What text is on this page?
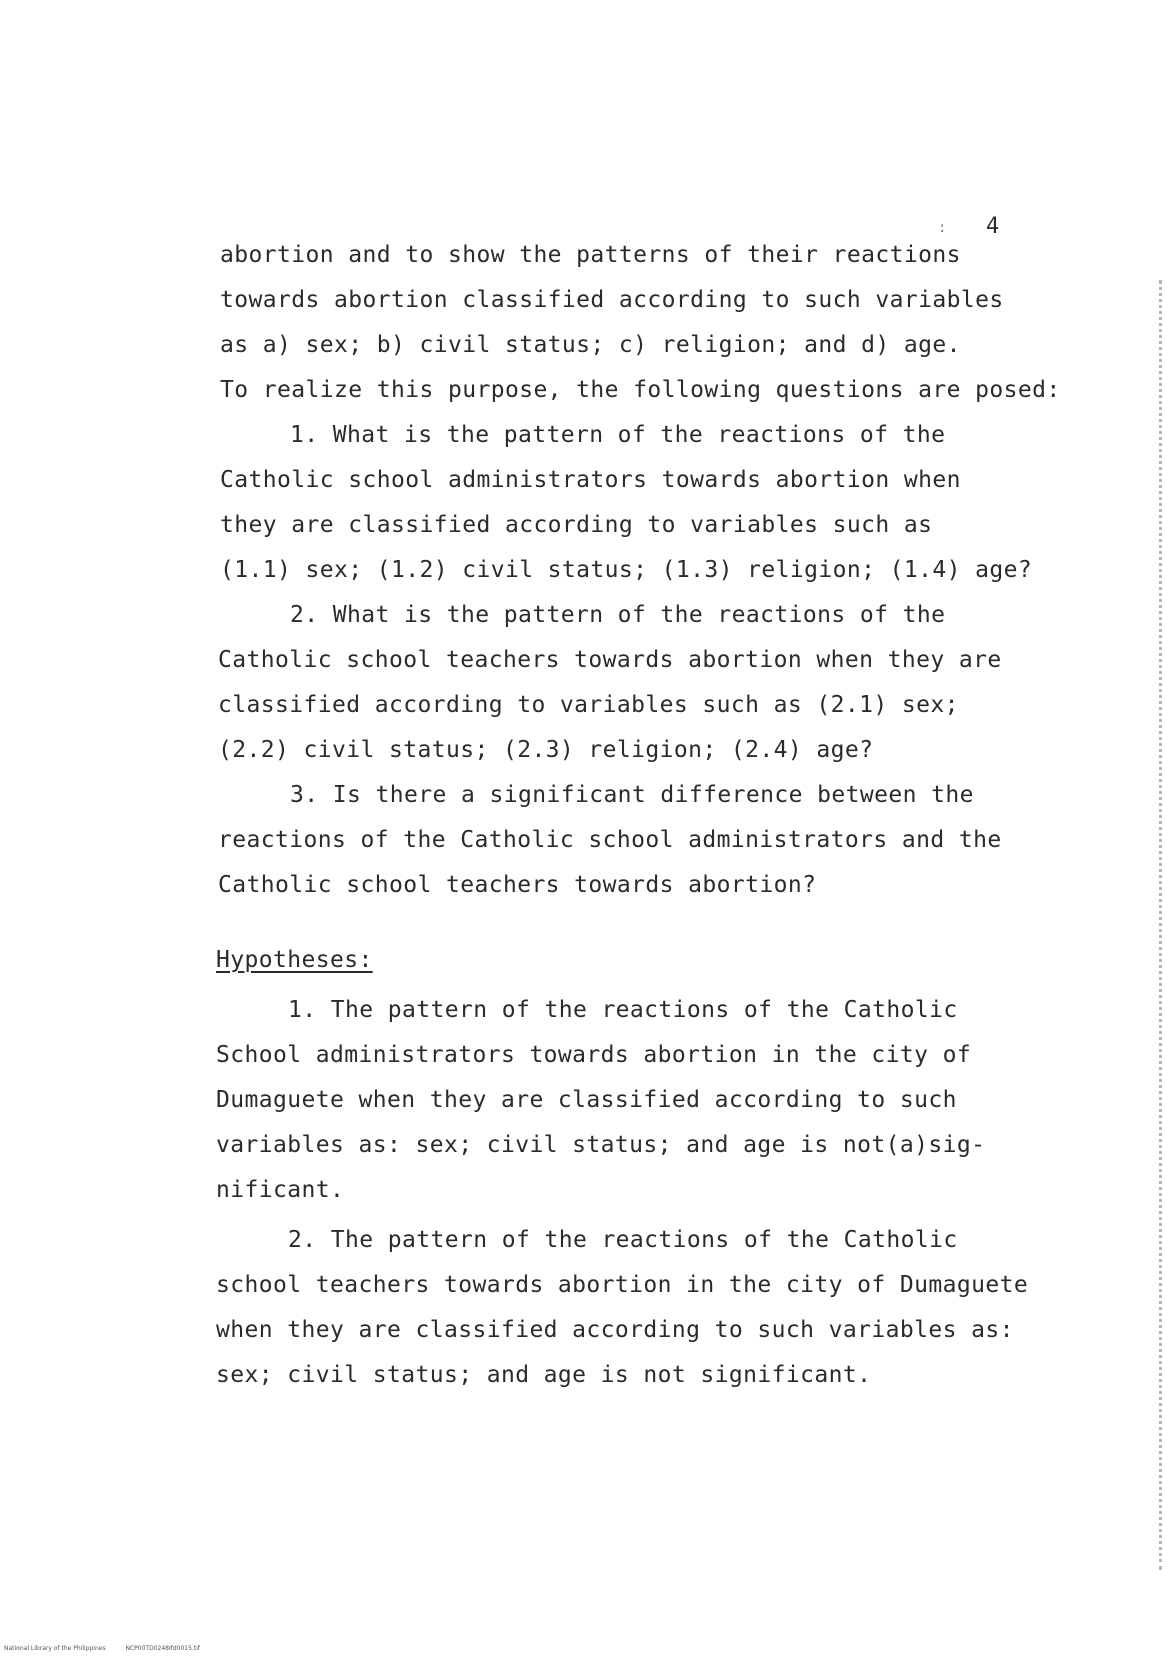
: 4
abortion and to show the patterns of their reactions
towards abortion classified according to such variables
as a) sex; b) civil status; c) religion; and d) age.
To realize this purpose, the following questions are posed:
1. What is the pattern of the reactions of the
Catholic school administrators towards abortion when
they are classified according to variables such as
(1.1) sex; (1.2) civil status; (1.3) religion; (1.4) age?
2. What is the pattern of the reactions of the
Catholic school teachers towards abortion when they are
classified according to variables such as (2.1) sex;
(2.2) civil status; (2.3) religion; (2.4) age?
3. Is there a significant difference between the
reactions of the Catholic school administrators and the
Catholic school teachers towards abortion?
Hypotheses:
1. The pattern of the reactions of the Catholic
School administrators towards abortion in the city of
Dumaguete when they are classified according to such
variables as: sex; civil status; and age is not(a)sig-
nificant.
2. The pattern of the reactions of the Catholic
school teachers towards abortion in the city of Dumaguete
when they are classified according to such variables as:
sex; civil status; and age is not significant.
National Library of the Philippines	NCP00TD0248Ifd0015.tif
